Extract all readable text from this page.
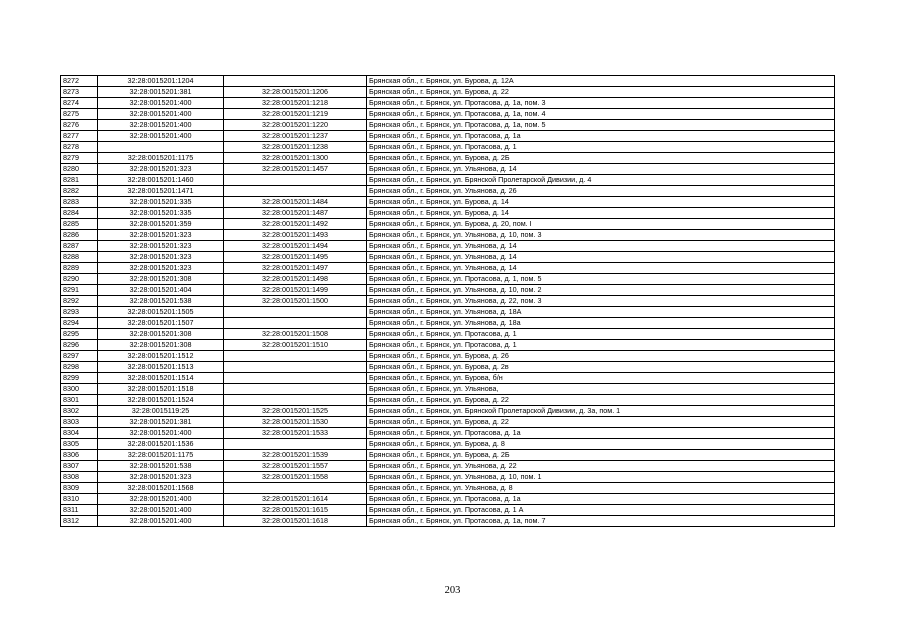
8272	32:28:0015201:1204		Брянская обл., г. Брянск, ул. Бурова, д. 12А
8273	32:28:0015201:381	32:28:0015201:1206	Брянская обл., г. Брянск, ул. Бурова, д. 22
8274	32:28:0015201:400	32:28:0015201:1218	Брянская обл., г. Брянск, ул. Протасова, д. 1а, пом. 3
8275	32:28:0015201:400	32:28:0015201:1219	Брянская обл., г. Брянск, ул. Протасова, д. 1а, пом. 4
8276	32:28:0015201:400	32:28:0015201:1220	Брянская обл., г. Брянск, ул. Протасова, д. 1а, пом. 5
8277	32:28:0015201:400	32:28:0015201:1237	Брянская обл., г. Брянск, ул. Протасова, д. 1а
8278		32:28:0015201:1238	Брянская обл., г. Брянск, ул. Протасова, д. 1
8279	32:28:0015201:1175	32:28:0015201:1300	Брянская обл., г. Брянск, ул. Бурова, д. 2Б
8280	32:28:0015201:323	32:28:0015201:1457	Брянская обл., г. Брянск, ул. Ульянова, д. 14
8281	32:28:0015201:1460		Брянская обл., г. Брянск, ул. Брянской Пролетарской Дивизии, д. 4
8282	32:28:0015201:1471		Брянская обл., г. Брянск, ул. Ульянова, д. 26
8283	32:28:0015201:335	32:28:0015201:1484	Брянская обл., г. Брянск, ул. Бурова, д. 14
8284	32:28:0015201:335	32:28:0015201:1487	Брянская обл., г. Брянск, ул. Бурова, д. 14
8285	32:28:0015201:359	32:28:0015201:1492	Брянская обл., г. Брянск, ул. Бурова, д. 20, пом. I
8286	32:28:0015201:323	32:28:0015201:1493	Брянская обл., г. Брянск, ул. Ульянова, д. 10, пом. 3
8287	32:28:0015201:323	32:28:0015201:1494	Брянская обл., г. Брянск, ул. Ульянова, д. 14
8288	32:28:0015201:323	32:28:0015201:1495	Брянская обл., г. Брянск, ул. Ульянова, д. 14
8289	32:28:0015201:323	32:28:0015201:1497	Брянская обл., г. Брянск, ул. Ульянова, д. 14
8290	32:28:0015201:308	32:28:0015201:1498	Брянская обл., г. Брянск, ул. Протасова, д. 1, пом. 5
8291	32:28:0015201:404	32:28:0015201:1499	Брянская обл., г. Брянск, ул. Ульянова, д. 10, пом. 2
8292	32:28:0015201:538	32:28:0015201:1500	Брянская обл., г. Брянск, ул. Ульянова, д. 22, пом. 3
8293	32:28:0015201:1505		Брянская обл., г. Брянск, ул. Ульянова, д. 18А
8294	32:28:0015201:1507		Брянская обл., г. Брянск, ул. Ульянова, д. 18а
8295	32:28:0015201:308	32:28:0015201:1508	Брянская обл., г. Брянск, ул. Протасова, д. 1
8296	32:28:0015201:308	32:28:0015201:1510	Брянская обл., г. Брянск, ул. Протасова, д. 1
8297	32:28:0015201:1512		Брянская обл., г. Брянск, ул. Бурова, д. 26
8298	32:28:0015201:1513		Брянская обл., г. Брянск, ул. Бурова, д. 2в
8299	32:28:0015201:1514		Брянская обл., г. Брянск, ул. Бурова, б/н
8300	32:28:0015201:1518		Брянская обл., г. Брянск, ул. Ульянова,
8301	32:28:0015201:1524		Брянская обл., г. Брянск, ул. Бурова, д. 22
8302	32:28:0015119:25	32:28:0015201:1525	Брянская обл., г. Брянск, ул. Брянской Пролетарской Дивизии, д. 3а, пом. 1
8303	32:28:0015201:381	32:28:0015201:1530	Брянская обл., г. Брянск, ул. Бурова, д. 22
8304	32:28:0015201:400	32:28:0015201:1533	Брянская обл., г. Брянск, ул. Протасова, д. 1а
8305	32:28:0015201:1536		Брянская обл., г. Брянск, ул. Бурова, д. 8
8306	32:28:0015201:1175	32:28:0015201:1539	Брянская обл., г. Брянск, ул. Бурова, д. 2Б
8307	32:28:0015201:538	32:28:0015201:1557	Брянская обл., г. Брянск, ул. Ульянова, д. 22
8308	32:28:0015201:323	32:28:0015201:1558	Брянская обл., г. Брянск, ул. Ульянова, д. 10, пом. 1
8309	32:28:0015201:1568		Брянская обл., г. Брянск, ул. Ульянова, д. 8
8310	32:28:0015201:400	32:28:0015201:1614	Брянская обл., г. Брянск, ул. Протасова, д. 1а
8311	32:28:0015201:400	32:28:0015201:1615	Брянская обл., г. Брянск, ул. Протасова, д. 1 А
8312	32:28:0015201:400	32:28:0015201:1618	Брянская обл., г. Брянск, ул. Протасова, д. 1а, пом. 7
203
